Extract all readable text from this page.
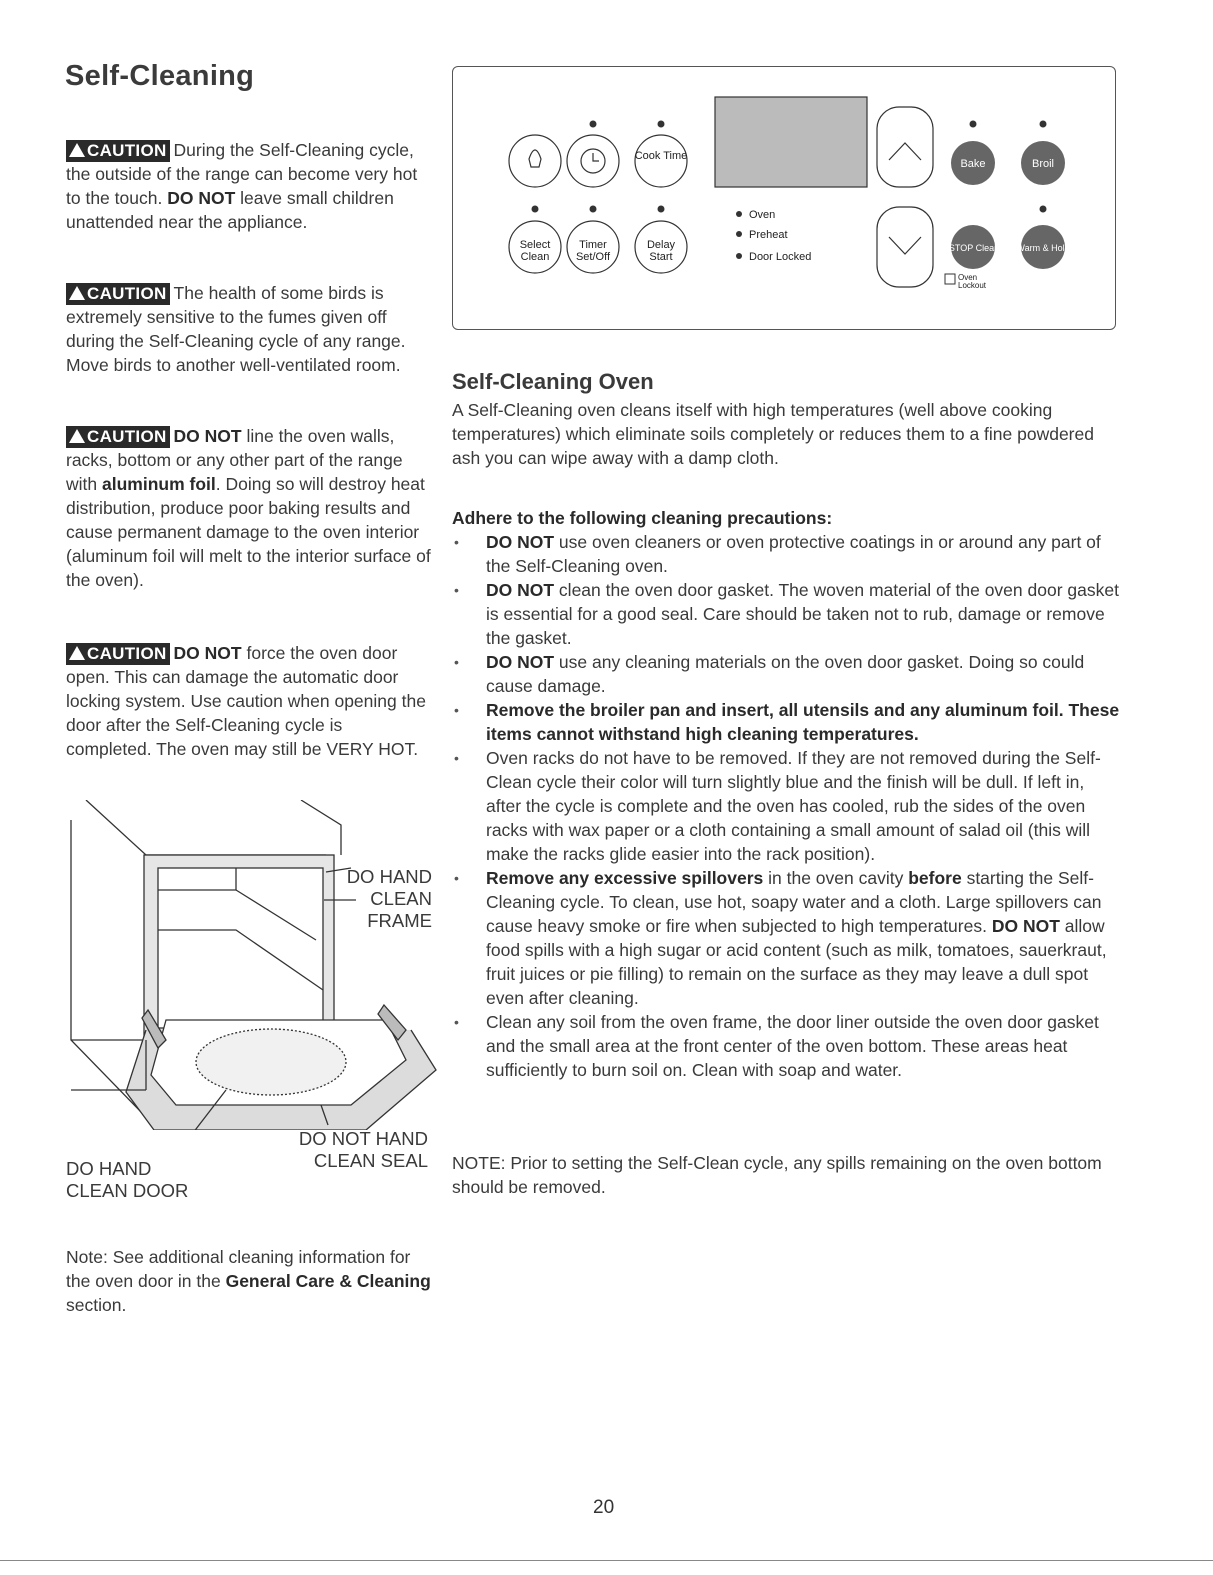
Self-Cleaning

CAUTION During the Self-Cleaning cycle, the outside of the range can become very hot to the touch. DO NOT leave small children unattended near the appliance.

CAUTION The health of some birds is extremely sensitive to the fumes given off during the Self-Cleaning cycle of any range. Move birds to another well-ventilated room.

CAUTION DO NOT line the oven walls, racks, bottom or any other part of the range with aluminum foil. Doing so will destroy heat distribution, produce poor baking results and cause permanent damage to the oven interior (aluminum foil will melt to the interior surface of the oven).

CAUTION DO NOT force the oven door open. This can damage the automatic door locking system. Use caution when opening the door after the Self-Cleaning cycle is completed. The oven may still be VERY HOT.

DO HAND
CLEAN
FRAME
DO NOT HAND
CLEAN SEAL
DO HAND
CLEAN DOOR

Note: See additional cleaning information for the oven door in the General Care & Cleaning section.

Cook Time
Select
Clean
Timer
Set/Off
Delay
Start
Oven
Preheat
Door Locked
Bake	Broil
STOP Clear Warm & Hold
Oven
Lockout
Self-Cleaning Oven

A Self-Cleaning oven cleans itself with high temperatures (well above cooking temperatures) which eliminate soils completely or reduces them to a fine powdered ash you can wipe away with a damp cloth.

Adhere to the following cleaning precautions:

• DO NOT use oven cleaners or oven protective coatings in or around any part of the Self-Cleaning oven.
• DO NOT clean the oven door gasket. The woven material of the oven door gasket is essential for a good seal. Care should be taken not to rub, damage or remove the gasket.
• DO NOT use any cleaning materials on the oven door gasket. Doing so could cause damage.
• Remove the broiler pan and insert, all utensils and any aluminum foil. These items cannot withstand high cleaning temperatures.
• Oven racks do not have to be removed. If they are not removed during the Self-Clean cycle their color will turn slightly blue and the finish will be dull. If left in, after the cycle is complete and the oven has cooled, rub the sides of the oven racks with wax paper or a cloth containing a small amount of salad oil (this will make the racks glide easier into the rack position).
• Remove any excessive spillovers in the oven cavity before starting the Self-Cleaning cycle. To clean, use hot, soapy water and a cloth. Large spillovers can cause heavy smoke or fire when subjected to high temperatures. DO NOT allow food spills with a high sugar or acid content (such as milk, tomatoes, sauerkraut, fruit juices or pie filling) to remain on the surface as they may leave a dull spot even after cleaning.
• Clean any soil from the oven frame, the door liner outside the oven door gasket and the small area at the front center of the oven bottom. These areas heat sufficiently to burn soil on. Clean with soap and water.

NOTE: Prior to setting the Self-Clean cycle, any spills remaining on the oven bottom should be removed.

20
